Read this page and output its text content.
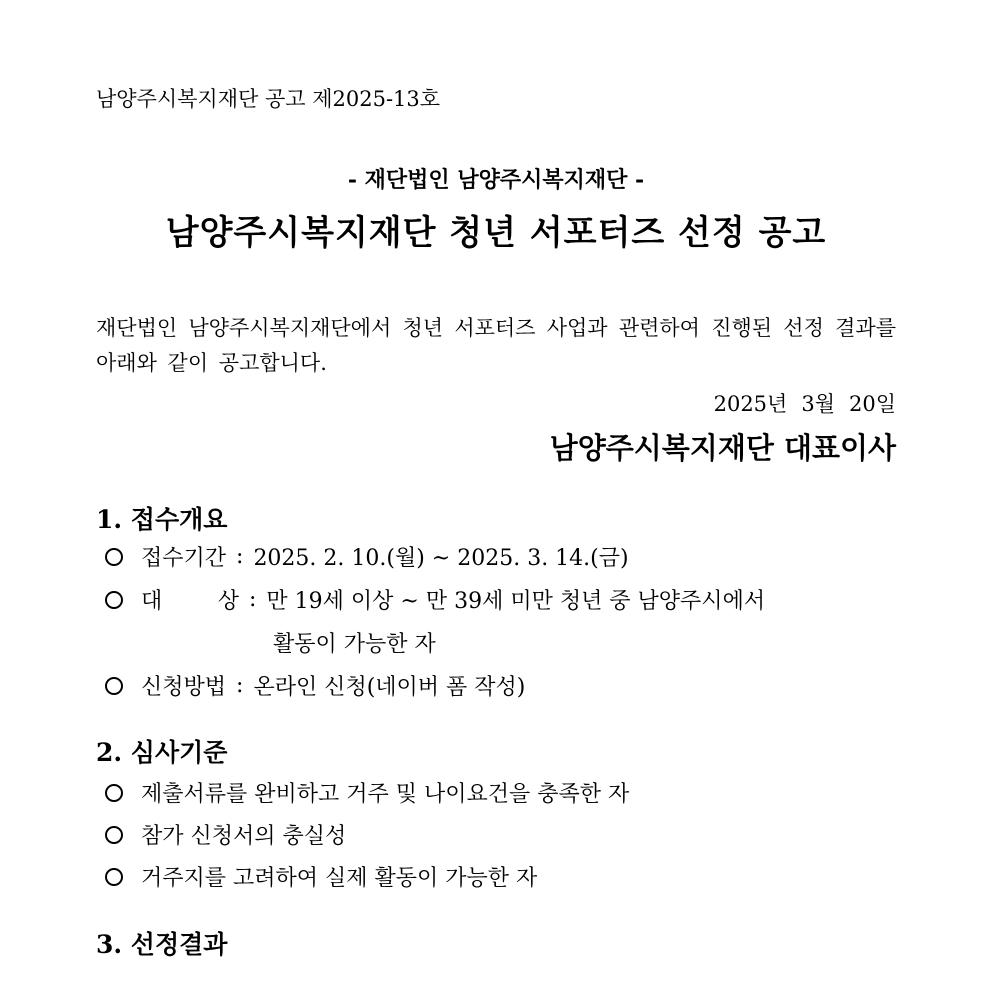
남양주시복지재단 공고 제2025-13호
- 재단법인 남양주시복지재단 -
남양주시복지재단 청년 서포터즈 선정 공고
재단법인 남양주시복지재단에서 청년 서포터즈 사업과 관련하여 진행된 선정 결과를 아래와 같이 공고합니다.
2025년 3월 20일
남양주시복지재단 대표이사
1. 접수개요
접수기간 : 2025. 2. 10.(월) ~ 2025. 3. 14.(금)
대	상 : 만 19세 이상 ~ 만 39세 미만 청년 중 남양주시에서
활동이 가능한 자
신청방법 : 온라인 신청(네이버 폼 작성)
2. 심사기준
제출서류를 완비하고 거주 및 나이요건을 충족한 자
참가 신청서의 충실성
거주지를 고려하여 실제 활동이 가능한 자
3. 선정결과
